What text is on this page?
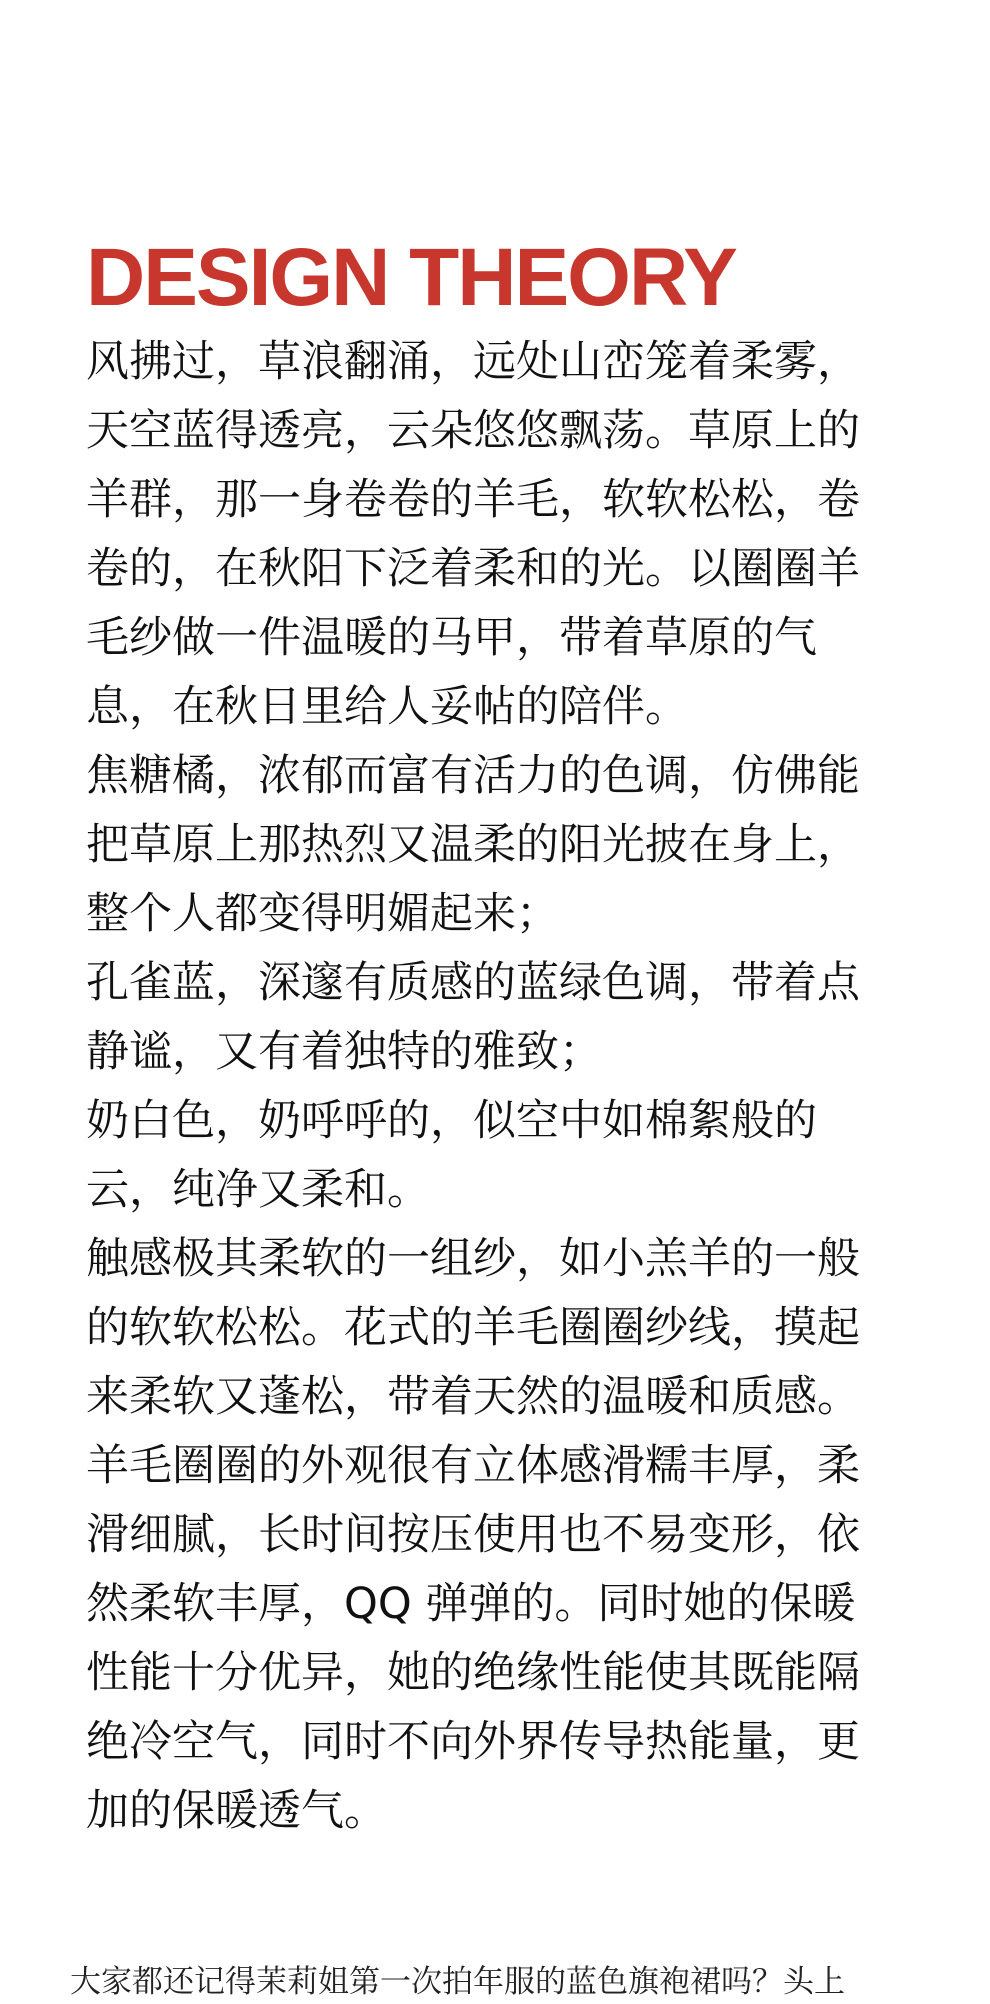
DESIGN THEORY

风拂过，草浪翻涌，远处山峦笼着柔雾，
天空蓝得透亮，云朵悠悠飘荡。草原上的
羊群，那一身卷卷的羊毛，软软松松，卷
卷的，在秋阳下泛着柔和的光。以圈圈羊
毛纱做一件温暖的马甲，带着草原的气
息，在秋日里给人妥帖的陪伴。

焦糖橘，浓郁而富有活力的色调，仿佛能
把草原上那热烈又温柔的阳光披在身上，
整个人都变得明媚起来；

孔雀蓝，深邃有质感的蓝绿色调，带着点
静谧，又有着独特的雅致；

奶白色，奶呼呼的，似空中如棉絮般的
云，纯净又柔和。

触感极其柔软的一组纱，如小羔羊的一般
的软软松松。花式的羊毛圈圈纱线，摸起
来柔软又蓬松，带着天然的温暖和质感。

羊毛圈圈的外观很有立体感滑糯丰厚，柔
滑细腻，长时间按压使用也不易变形，依
然柔软丰厚，QQ 弹弹的。同时她的保暖
性能十分优异，她的绝缘性能使其既能隔
绝冷空气，同时不向外界传导热能量，更
加的保暖透气。

大家都还记得茉莉姐第一次拍年服的蓝色旗袍裙吗？头上
